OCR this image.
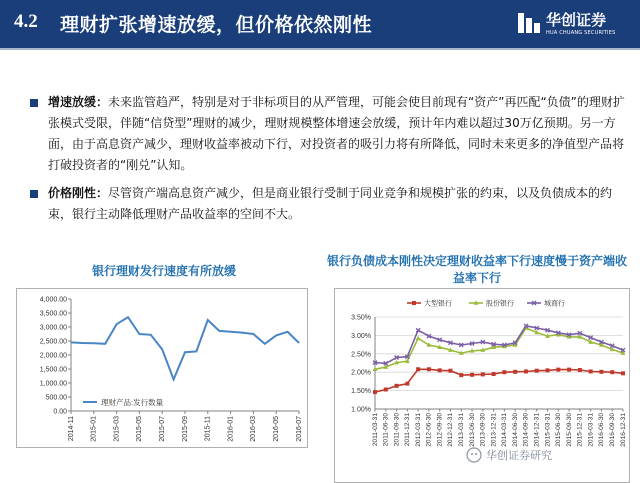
4.2 理财扩张增速放缓，但价格依然刚性	华创证券
HUA CHUANG SECURITIES
增速放缓：未来监管趋严，特别是对于非标项目的从严管理，可能会使目前现有“资产”再匹配“负债”的理财扩张模式受限，伴随“信贷型”理财的减少，理财规模整体增速会放缓，预计年内难以超过30万亿预期。另一方面，由于高息资产减少，理财收益率被动下行，对投资者的吸引力将有所降低，同时未来更多的净值型产品将打破投资者的“刚兑”认知。
价格刚性：尽管资产端高息资产减少，但是商业银行受制于同业竞争和规模扩张的约束，以及负债成本的约束，银行主动降低理财产品收益率的空间不大。
银行理财发行速度有所放缓
银行负债成本刚性决定理财收益率下行速度慢于资产端收益率下行
0.00
500.00
1,000.00
1,500.00
2,000.00
2,500.00
3,000.00
3,500.00
4,000.00
2014-11 2015-01 2015-03 2015-05 2015-07 2015-09 2015-11 2016-01 2016-03 2016-05 2016-07
理财产品:发行数量
1.00%
1.50%
2.00%
2.50%
3.00%
3.50%
2011-03-31 2011-06-30 2011-09-30 2011-12-31 2012-03-31 2012-06-30 2012-09-30 2012-12-31 2013-03-31 2013-06-30 2013-09-30 2013-12-31 2014-03-31 2014-06-30 2014-09-30 2014-12-31 2015-03-31 2015-06-30 2015-09-30 2015-12-31 2016-03-31 2016-06-30 2016-09-30 2016-12-31
大型银行	股份银行	城商行
华创证券研究
